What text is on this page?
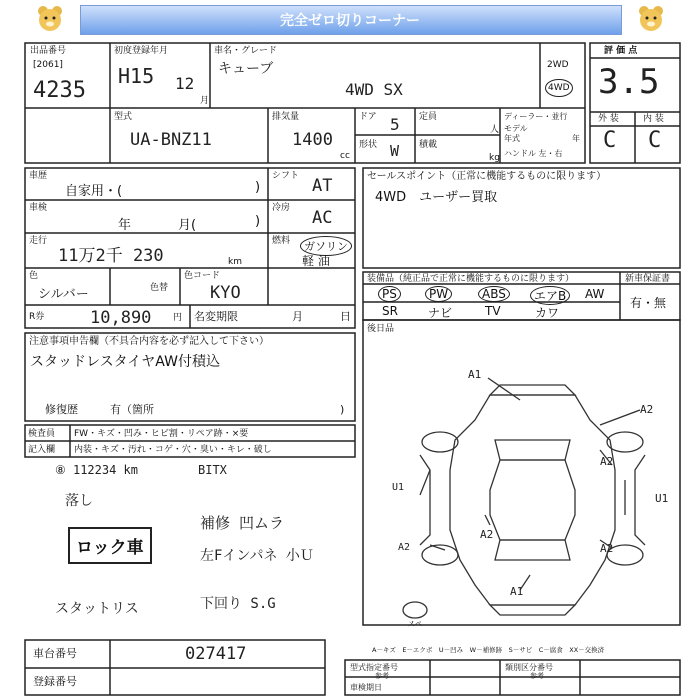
完全ゼロ切りコーナー
出品番号
[2061]
4235
初度登録年月
H15 12
月
車名・グレード
キューブ
4WD SX
2WD
4WD
型式
UA-BNZ11
排気量
1400
cc
ドア 5
形状 W
定員
人
積載
kg
ディーラー・並行
モデル
年式	年
ハンドル 左・右
評 価 点
3.5
外 装	内 装
C C
車歴
自家用・(	)
シフト AT
車検
年	月(	)
冷房 AC
走行
11万2千 230	km
燃料	ガソリン
軽 油
色
シルバー	色替
色コード
KYO
R券	10,890 円 名変期限	月	日
注意事項申告欄（不具合内容を必ず記入して下さい）
スタッドレスタイヤAW付積込
修復歴	有（箇所	)
検査員 FW・キズ・凹み・ヒビ割・リペア跡・×要
記入欄 内装・キズ・汚れ・コゲ・穴・臭い・キレ・破し
⑧ 112234 km	BITX
落し
ロック車
スタットリス
補修 凹ムラ
左Fインパネ 小Ｕ
下回り S.G
セールスポイント（正常に機能するものに限ります）
4WD　ユーザー買取
装備品（純正品で正常に機能するものに限ります）	新車保証書
有・無
PS	PW	ABS	エアB	AW
SR	ナビ	TV	カワ
後日品
A1
A2
A2
U1
A2
U1
A2	A2
A1
スペ
A－キズ　E－エクボ　U－凹み　W－補修跡　S－サビ　C－腐食　XX－交換済
車台番号	027417
登録番号
型式指定番号
参考
類別区分番号
参考
車検期日
